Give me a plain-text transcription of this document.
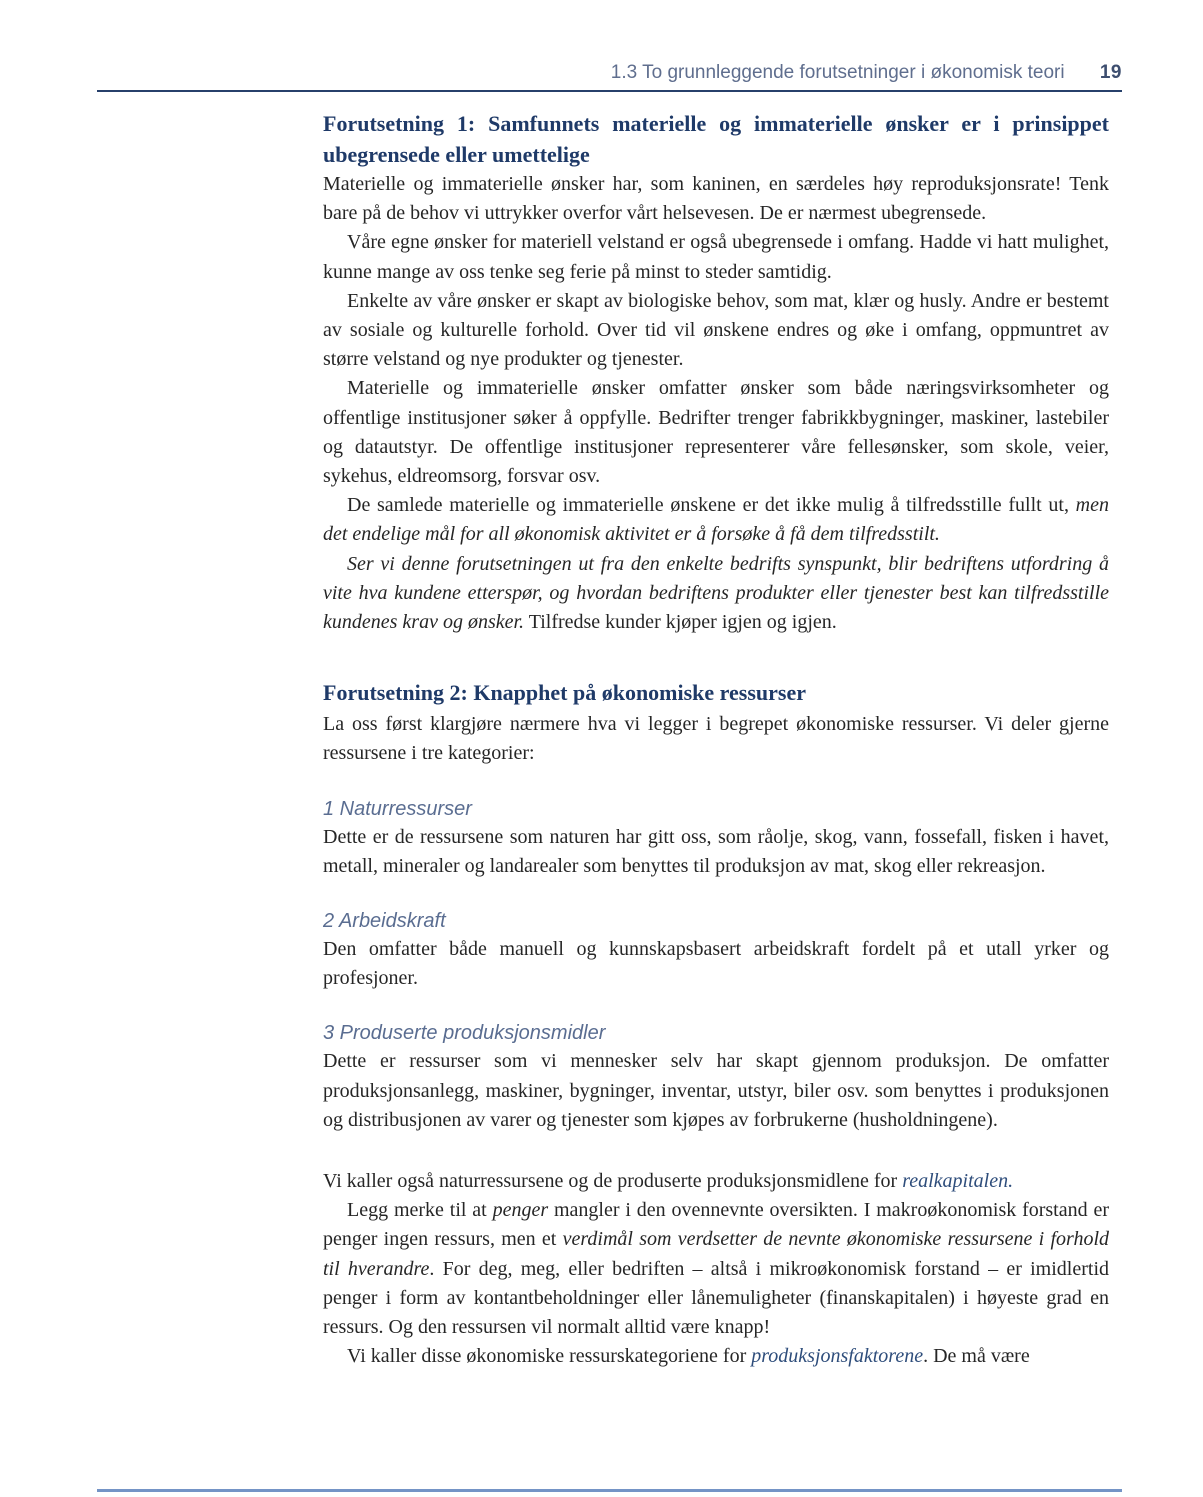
1.3 To grunnleggende forutsetninger i økonomisk teori 19
Forutsetning 1: Samfunnets materielle og immaterielle ønsker er i prinsippet ubegrensede eller umettelige

Materielle og immaterielle ønsker har, som kaninen, en særdeles høy reproduksjonsrate! Tenk bare på de behov vi uttrykker overfor vårt helsevesen. De er nærmest ubegrensede.

Våre egne ønsker for materiell velstand er også ubegrensede i omfang. Hadde vi hatt mulighet, kunne mange av oss tenke seg ferie på minst to steder samtidig.

Enkelte av våre ønsker er skapt av biologiske behov, som mat, klær og husly. Andre er bestemt av sosiale og kulturelle forhold. Over tid vil ønskene endres og øke i omfang, oppmuntret av større velstand og nye produkter og tjenester.

Materielle og immaterielle ønsker omfatter ønsker som både næringsvirksomheter og offentlige institusjoner søker å oppfylle. Bedrifter trenger fabrikkbygninger, maskiner, lastebiler og datautstyr. De offentlige institusjoner representerer våre fellesønsker, som skole, veier, sykehus, eldreomsorg, forsvar osv.

De samlede materielle og immaterielle ønskene er det ikke mulig å tilfredsstille fullt ut, men det endelige mål for all økonomisk aktivitet er å forsøke å få dem tilfredsstilt.

Ser vi denne forutsetningen ut fra den enkelte bedrifts synspunkt, blir bedriftens utfordring å vite hva kundene etterspør, og hvordan bedriftens produkter eller tjenester best kan tilfredsstille kundenes krav og ønsker. Tilfredse kunder kjøper igjen og igjen.

Forutsetning 2: Knapphet på økonomiske ressurser

La oss først klargjøre nærmere hva vi legger i begrepet økonomiske ressurser. Vi deler gjerne ressursene i tre kategorier:

1 Naturressurser

Dette er de ressursene som naturen har gitt oss, som råolje, skog, vann, fossefall, fisken i havet, metall, mineraler og landarealer som benyttes til produksjon av mat, skog eller rekreasjon.

2 Arbeidskraft

Den omfatter både manuell og kunnskapsbasert arbeidskraft fordelt på et utall yrker og profesjoner.

3 Produserte produksjonsmidler

Dette er ressurser som vi mennesker selv har skapt gjennom produksjon. De omfatter produksjonsanlegg, maskiner, bygninger, inventar, utstyr, biler osv. som benyttes i produksjonen og distribusjonen av varer og tjenester som kjøpes av forbrukerne (husholdningene).

Vi kaller også naturressursene og de produserte produksjonsmidlene for realkapitalen.

Legg merke til at penger mangler i den ovennevnte oversikten. I makroøkonomisk forstand er penger ingen ressurs, men et verdimål som verdsetter de nevnte økonomiske ressursene i forhold til hverandre. For deg, meg, eller bedriften – altså i mikroøkonomisk forstand – er imidlertid penger i form av kontantbeholdninger eller lånemuligheter (finanskapitalen) i høyeste grad en ressurs. Og den ressursen vil normalt alltid være knapp!

Vi kaller disse økonomiske ressurskategoriene for produksjonsfaktorene. De må være
